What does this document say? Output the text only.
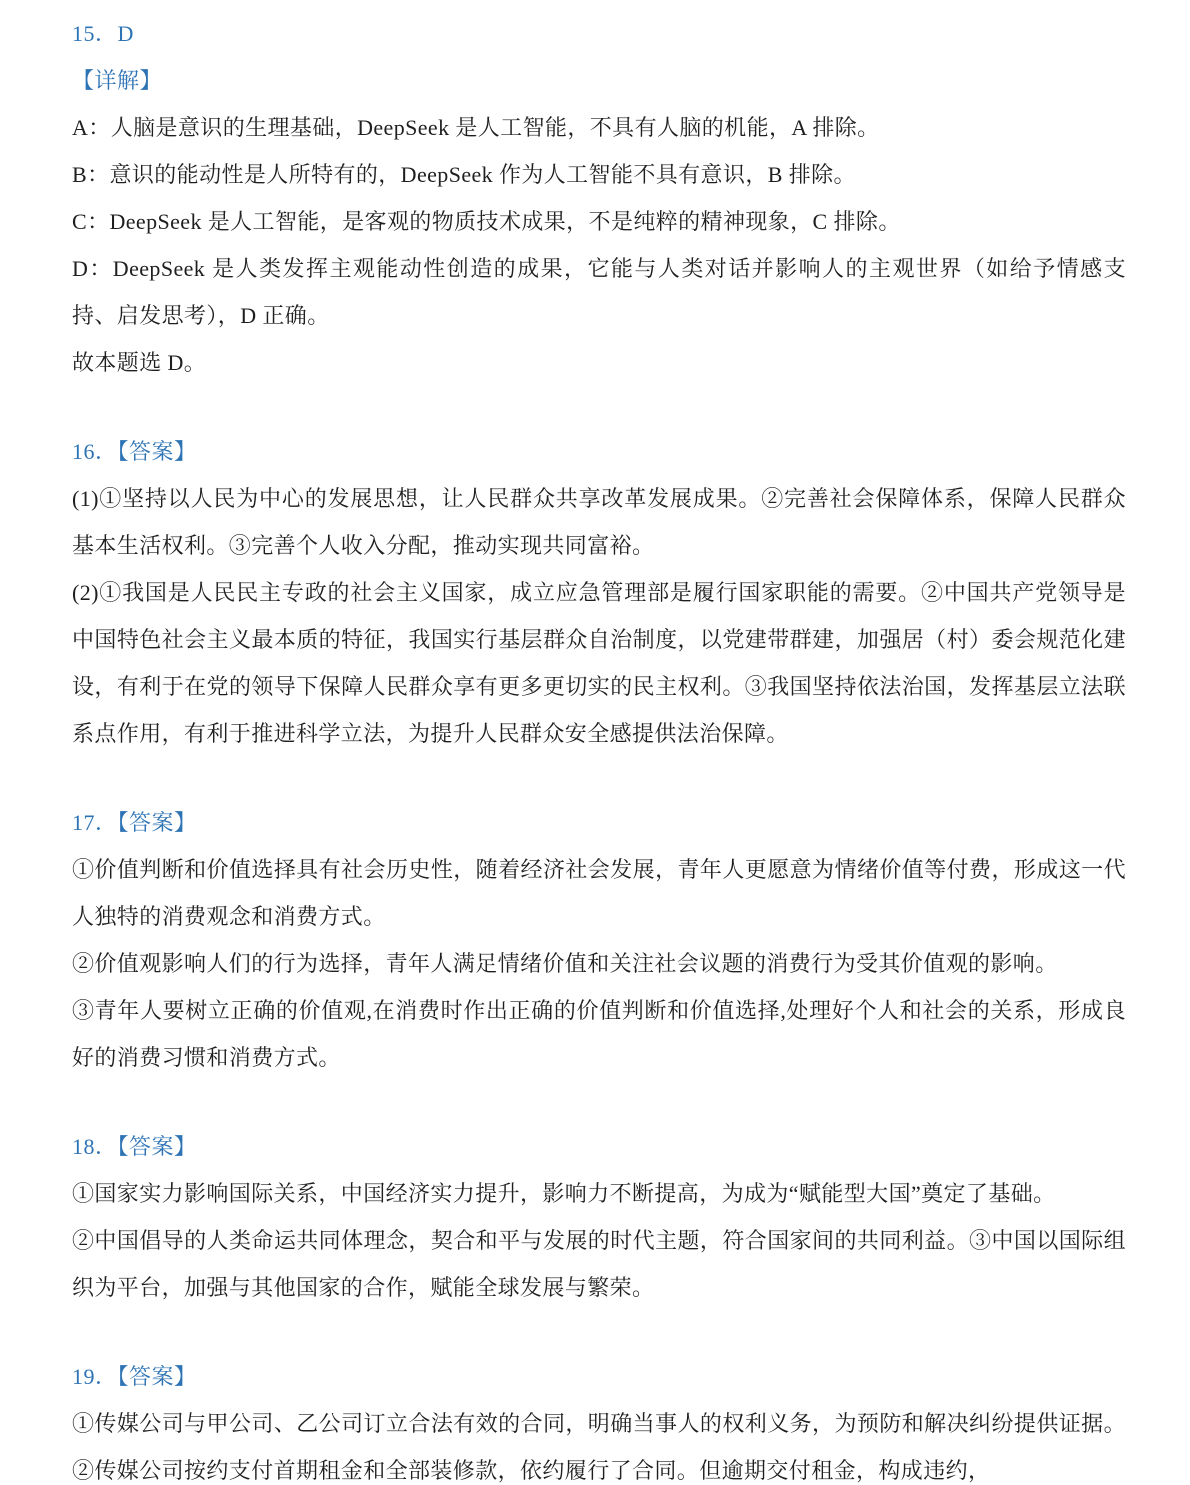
15．D
【详解】

A：人脑是意识的生理基础，DeepSeek 是人工智能，不具有人脑的机能，A 排除。

B：意识的能动性是人所特有的，DeepSeek 作为人工智能不具有意识，B 排除。

C：DeepSeek 是人工智能，是客观的物质技术成果，不是纯粹的精神现象，C 排除。

D：DeepSeek 是人类发挥主观能动性创造的成果，它能与人类对话并影响人的主观世界（如给予情感支持、启发思考），D 正确。

故本题选 D。

16．【答案】

(1)①坚持以人民为中心的发展思想，让人民群众共享改革发展成果。②完善社会保障体系，保障人民群众基本生活权利。③完善个人收入分配，推动实现共同富裕。

(2)①我国是人民民主专政的社会主义国家，成立应急管理部是履行国家职能的需要。②中国共产党领导是中国特色社会主义最本质的特征，我国实行基层群众自治制度，以党建带群建，加强居（村）委会规范化建设，有利于在党的领导下保障人民群众享有更多更切实的民主权利。③我国坚持依法治国，发挥基层立法联系点作用，有利于推进科学立法，为提升人民群众安全感提供法治保障。

17．【答案】

①价值判断和价值选择具有社会历史性，随着经济社会发展，青年人更愿意为情绪价值等付费，形成这一代人独特的消费观念和消费方式。

②价值观影响人们的行为选择，青年人满足情绪价值和关注社会议题的消费行为受其价值观的影响。

③青年人要树立正确的价值观,在消费时作出正确的价值判断和价值选择,处理好个人和社会的关系，形成良好的消费习惯和消费方式。

18．【答案】

①国家实力影响国际关系，中国经济实力提升，影响力不断提高，为成为“赋能型大国”奠定了基础。

②中国倡导的人类命运共同体理念，契合和平与发展的时代主题，符合国家间的共同利益。③中国以国际组织为平台，加强与其他国家的合作，赋能全球发展与繁荣。

19．【答案】

①传媒公司与甲公司、乙公司订立合法有效的合同，明确当事人的权利义务，为预防和解决纠纷提供证据。②传媒公司按约支付首期租金和全部装修款，依约履行了合同。但逾期交付租金，构成违约，
